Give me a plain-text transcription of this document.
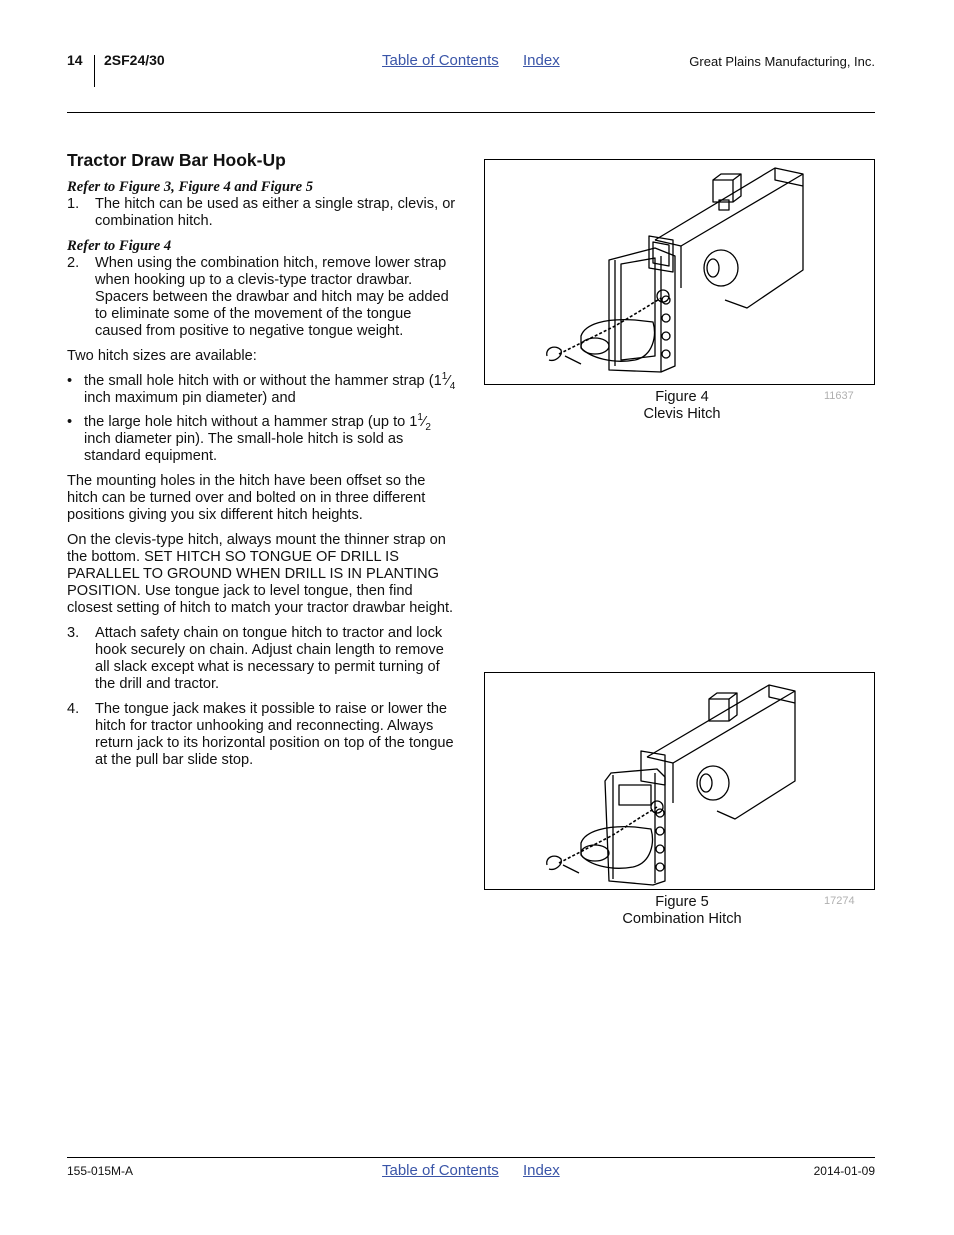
14 2SF24/30	Table of Contents Index	Great Plains Manufacturing, Inc.
Tractor Draw Bar Hook-Up

Refer to Figure 3, Figure 4 and Figure 5

1.	The hitch can be used as either a single strap, clevis, or combination hitch.

Refer to Figure 4

2.	When using the combination hitch, remove lower strap when hooking up to a clevis-type tractor drawbar. Spacers between the drawbar and hitch may be added to eliminate some of the movement of the tongue caused from positive to negative tongue weight.

Two hitch sizes are available:

• the small hole hitch with or without the hammer strap ($1^1⁄_4$ inch maximum pin diameter) and
• the large hole hitch without a hammer strap (up to $1^1⁄_2$ inch diameter pin). The small-hole hitch is sold as standard equipment.

The mounting holes in the hitch have been offset so the hitch can be turned over and bolted on in three different positions giving you six different hitch heights.

On the clevis-type hitch, always mount the thinner strap on the bottom. SET HITCH SO TONGUE OF DRILL IS PARALLEL TO GROUND WHEN DRILL IS IN PLANTING POSITION. Use tongue jack to level tongue, then find closest setting of hitch to match your tractor drawbar height.

3.	Attach safety chain on tongue hitch to tractor and lock hook securely on chain. Adjust chain length to remove all slack except what is necessary to permit turning of the drill and tractor.
4.	The tongue jack makes it possible to raise or lower the hitch for tractor unhooking and reconnecting. Always return jack to its horizontal position on top of the tongue at the pull bar slide stop.
Figure 4
Clevis Hitch
11637
Figure 5
Combination Hitch
17274
155-015M-A	Table of Contents Index	2014-01-09
